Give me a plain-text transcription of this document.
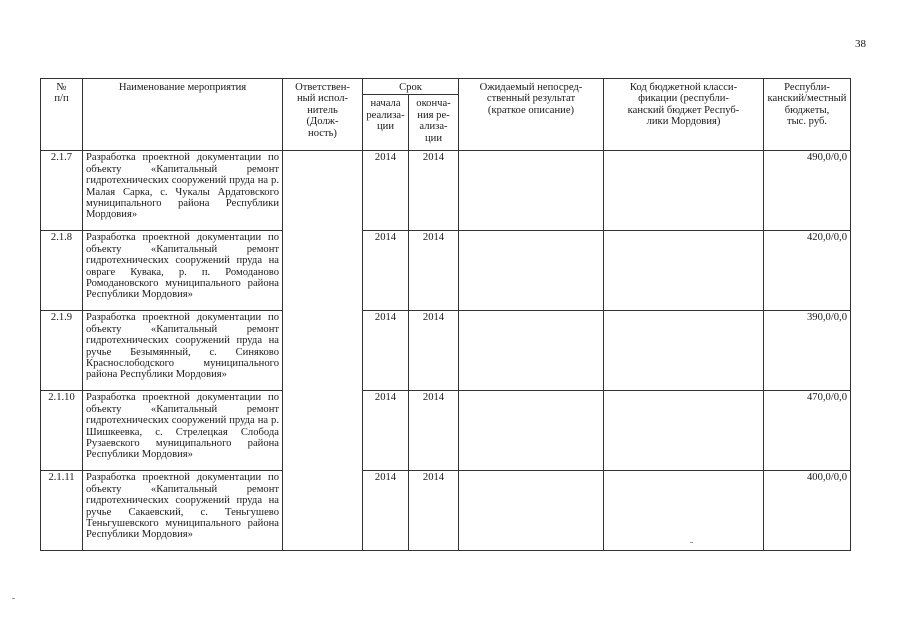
38
№
п/п	Наименование мероприятия	Ответствен-
ный испол-
нитель
(Долж-
ность)	Срок		Ожидаемый непосред-
ственный результат
(краткое описание)	Код бюджетной класси-
фикации (республи-
канский бюджет Респуб-
лики Мордовия)	Республи-
канский/местный
бюджеты,
тыс. руб.
			начала
реализа-
ции	оконча-
ния ре-
ализа-
ции			
2.1.7	Разработка проектной документации по объекту «Капитальный ремонт гидротехнических сооружений пруда на р. Малая Сарка, с. Чукалы Ардатовского муниципального района Республики Мордовия»		2014	2014			490,0/0,0
2.1.8	Разработка проектной документации по объекту «Капитальный ремонт гидротехнических сооружений пруда на овраге Кувака, р. п. Ромоданово Ромодановского муниципального района Республики Мордовия»		2014	2014			420,0/0,0
2.1.9	Разработка проектной документации по объекту «Капитальный ремонт гидротехнических сооружений пруда на ручье Безымянный, с. Синяково Краснослободского муниципального района Республики Мордовия»		2014	2014			390,0/0,0
2.1.10	Разработка проектной документации по объекту «Капитальный ремонт гидротехнических сооружений пруда на р. Шишкеевка, с. Стрелецкая Слобода Рузаевского муниципального района Республики Мордовия»		2014	2014			470,0/0,0
2.1.11	Разработка проектной документации по объекту «Капитальный ремонт гидротехнических сооружений пруда на ручье Сакаевский, с. Теньгушево Теньгушевского муниципального района Республики Мордовия»		2014	2014			400,0/0,0
